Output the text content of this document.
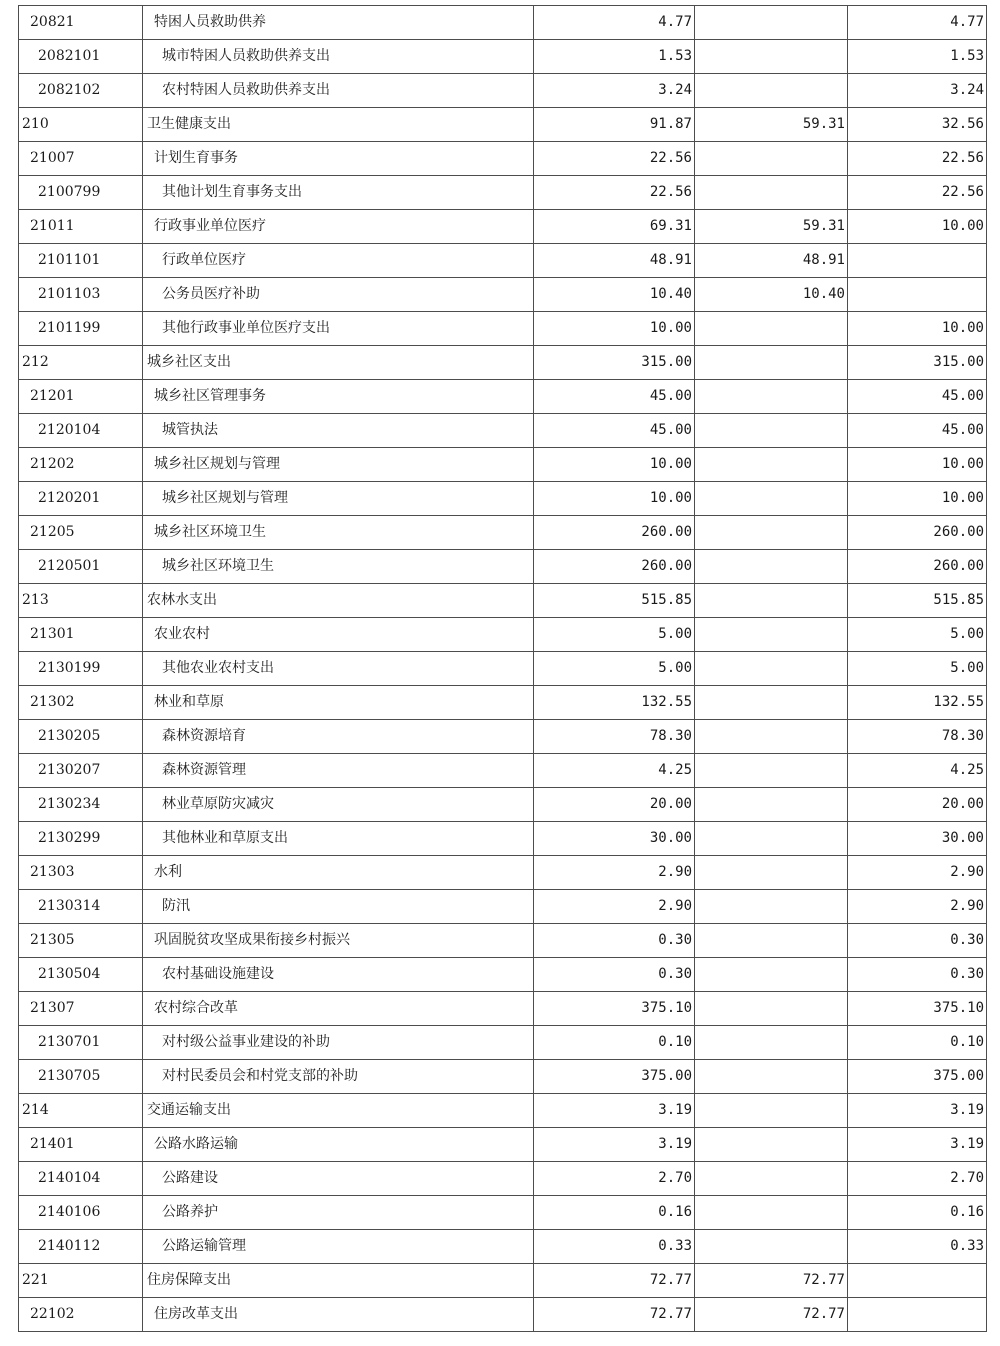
20821	特困人员救助供养	4.77		4.77
2082101	城市特困人员救助供养支出	1.53		1.53
2082102	农村特困人员救助供养支出	3.24		3.24
210	卫生健康支出	91.87	59.31	32.56
21007	计划生育事务	22.56		22.56
2100799	其他计划生育事务支出	22.56		22.56
21011	行政事业单位医疗	69.31	59.31	10.00
2101101	行政单位医疗	48.91	48.91	
2101103	公务员医疗补助	10.40	10.40	
2101199	其他行政事业单位医疗支出	10.00		10.00
212	城乡社区支出	315.00		315.00
21201	城乡社区管理事务	45.00		45.00
2120104	城管执法	45.00		45.00
21202	城乡社区规划与管理	10.00		10.00
2120201	城乡社区规划与管理	10.00		10.00
21205	城乡社区环境卫生	260.00		260.00
2120501	城乡社区环境卫生	260.00		260.00
213	农林水支出	515.85		515.85
21301	农业农村	5.00		5.00
2130199	其他农业农村支出	5.00		5.00
21302	林业和草原	132.55		132.55
2130205	森林资源培育	78.30		78.30
2130207	森林资源管理	4.25		4.25
2130234	林业草原防灾减灾	20.00		20.00
2130299	其他林业和草原支出	30.00		30.00
21303	水利	2.90		2.90
2130314	防汛	2.90		2.90
21305	巩固脱贫攻坚成果衔接乡村振兴	0.30		0.30
2130504	农村基础设施建设	0.30		0.30
21307	农村综合改革	375.10		375.10
2130701	对村级公益事业建设的补助	0.10		0.10
2130705	对村民委员会和村党支部的补助	375.00		375.00
214	交通运输支出	3.19		3.19
21401	公路水路运输	3.19		3.19
2140104	公路建设	2.70		2.70
2140106	公路养护	0.16		0.16
2140112	公路运输管理	0.33		0.33
221	住房保障支出	72.77	72.77	
22102	住房改革支出	72.77	72.77	
